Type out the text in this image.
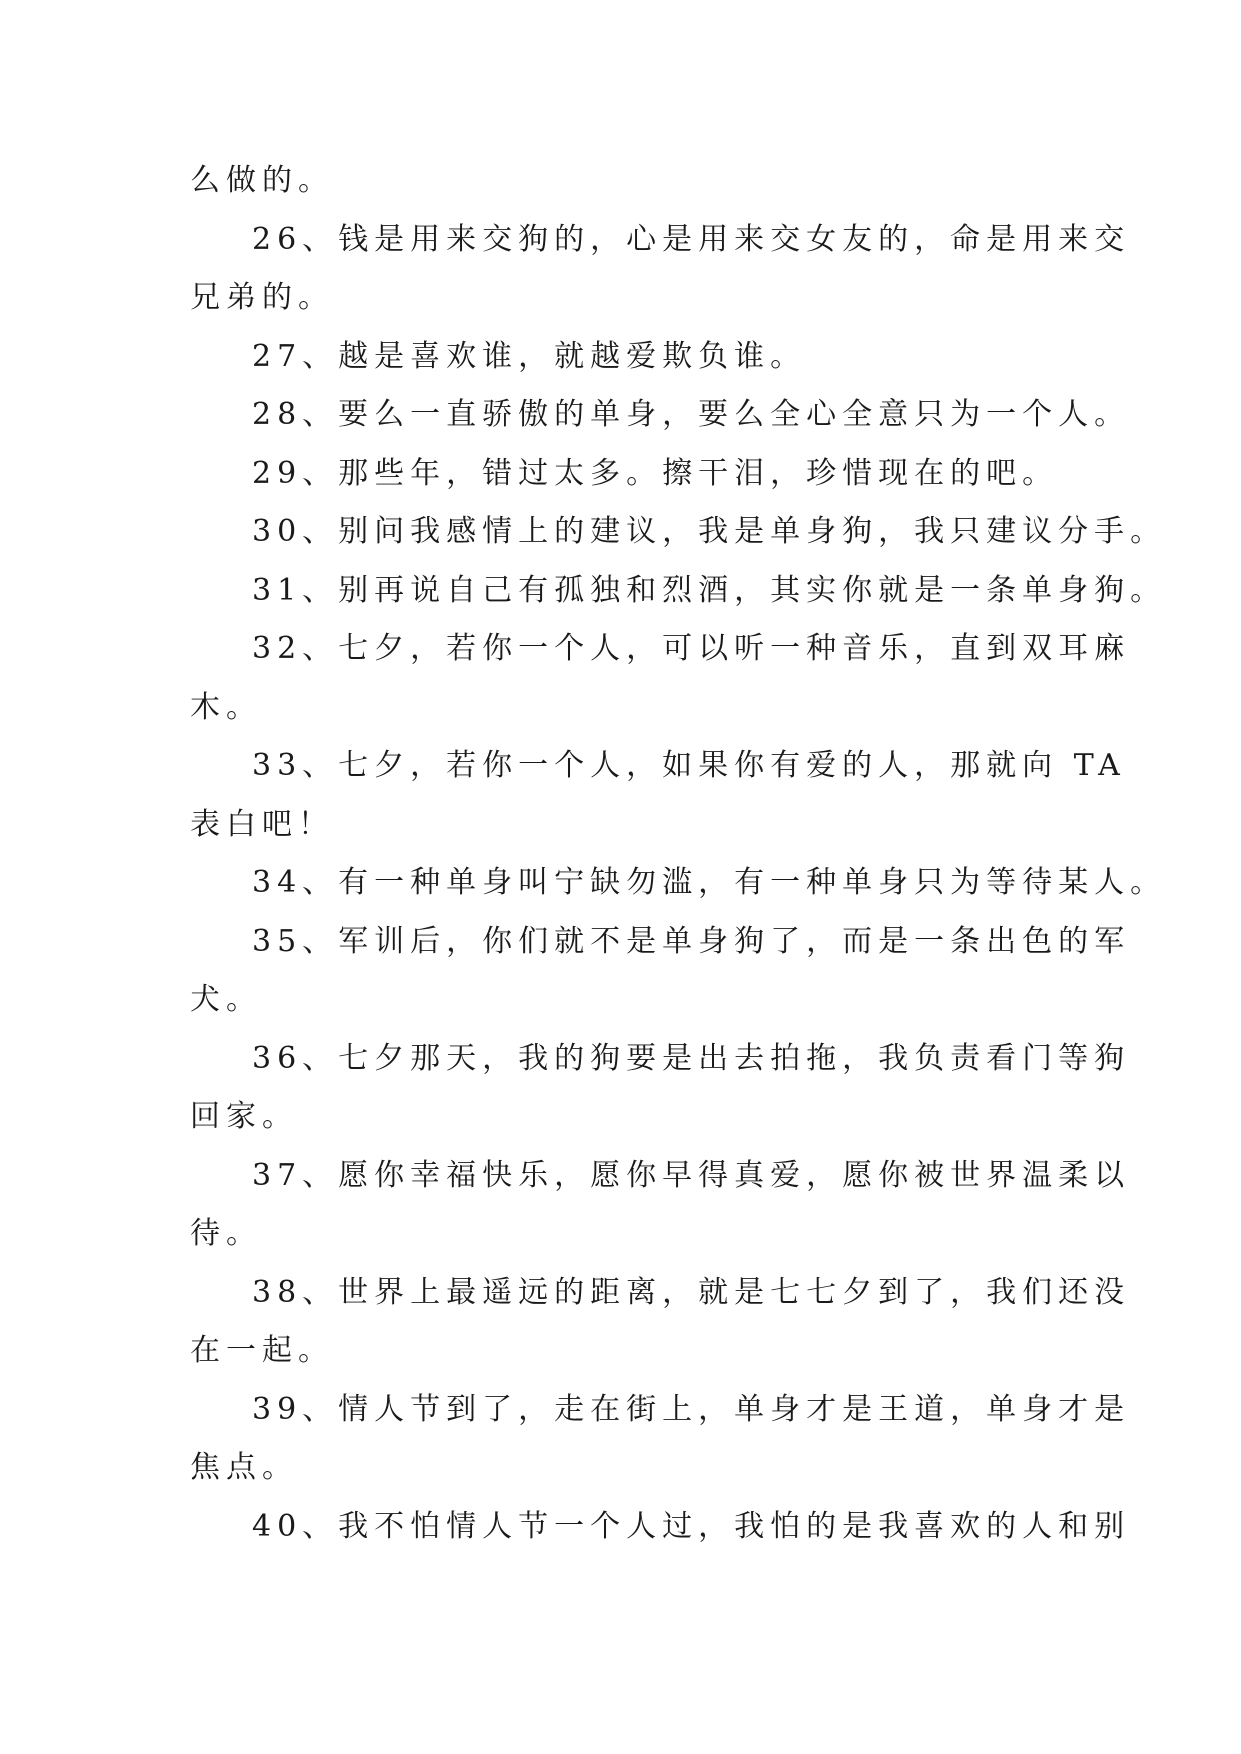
么做的。
26、钱是用来交狗的，心是用来交女友的，命是用来交
兄弟的。
27、越是喜欢谁，就越爱欺负谁。
28、要么一直骄傲的单身，要么全心全意只为一个人。
29、那些年，错过太多。擦干泪，珍惜现在的吧。
30、别问我感情上的建议，我是单身狗，我只建议分手。
31、别再说自己有孤独和烈酒，其实你就是一条单身狗。
32、七夕，若你一个人，可以听一种音乐，直到双耳麻
木。
33、七夕，若你一个人，如果你有爱的人，那就向 TA
表白吧！
34、有一种单身叫宁缺勿滥，有一种单身只为等待某人。
35、军训后，你们就不是单身狗了，而是一条出色的军
犬。
36、七夕那天，我的狗要是出去拍拖，我负责看门等狗
回家。
37、愿你幸福快乐，愿你早得真爱，愿你被世界温柔以
待。
38、世界上最遥远的距离，就是七七夕到了，我们还没
在一起。
39、情人节到了，走在街上，单身才是王道，单身才是
焦点。
40、我不怕情人节一个人过，我怕的是我喜欢的人和别
